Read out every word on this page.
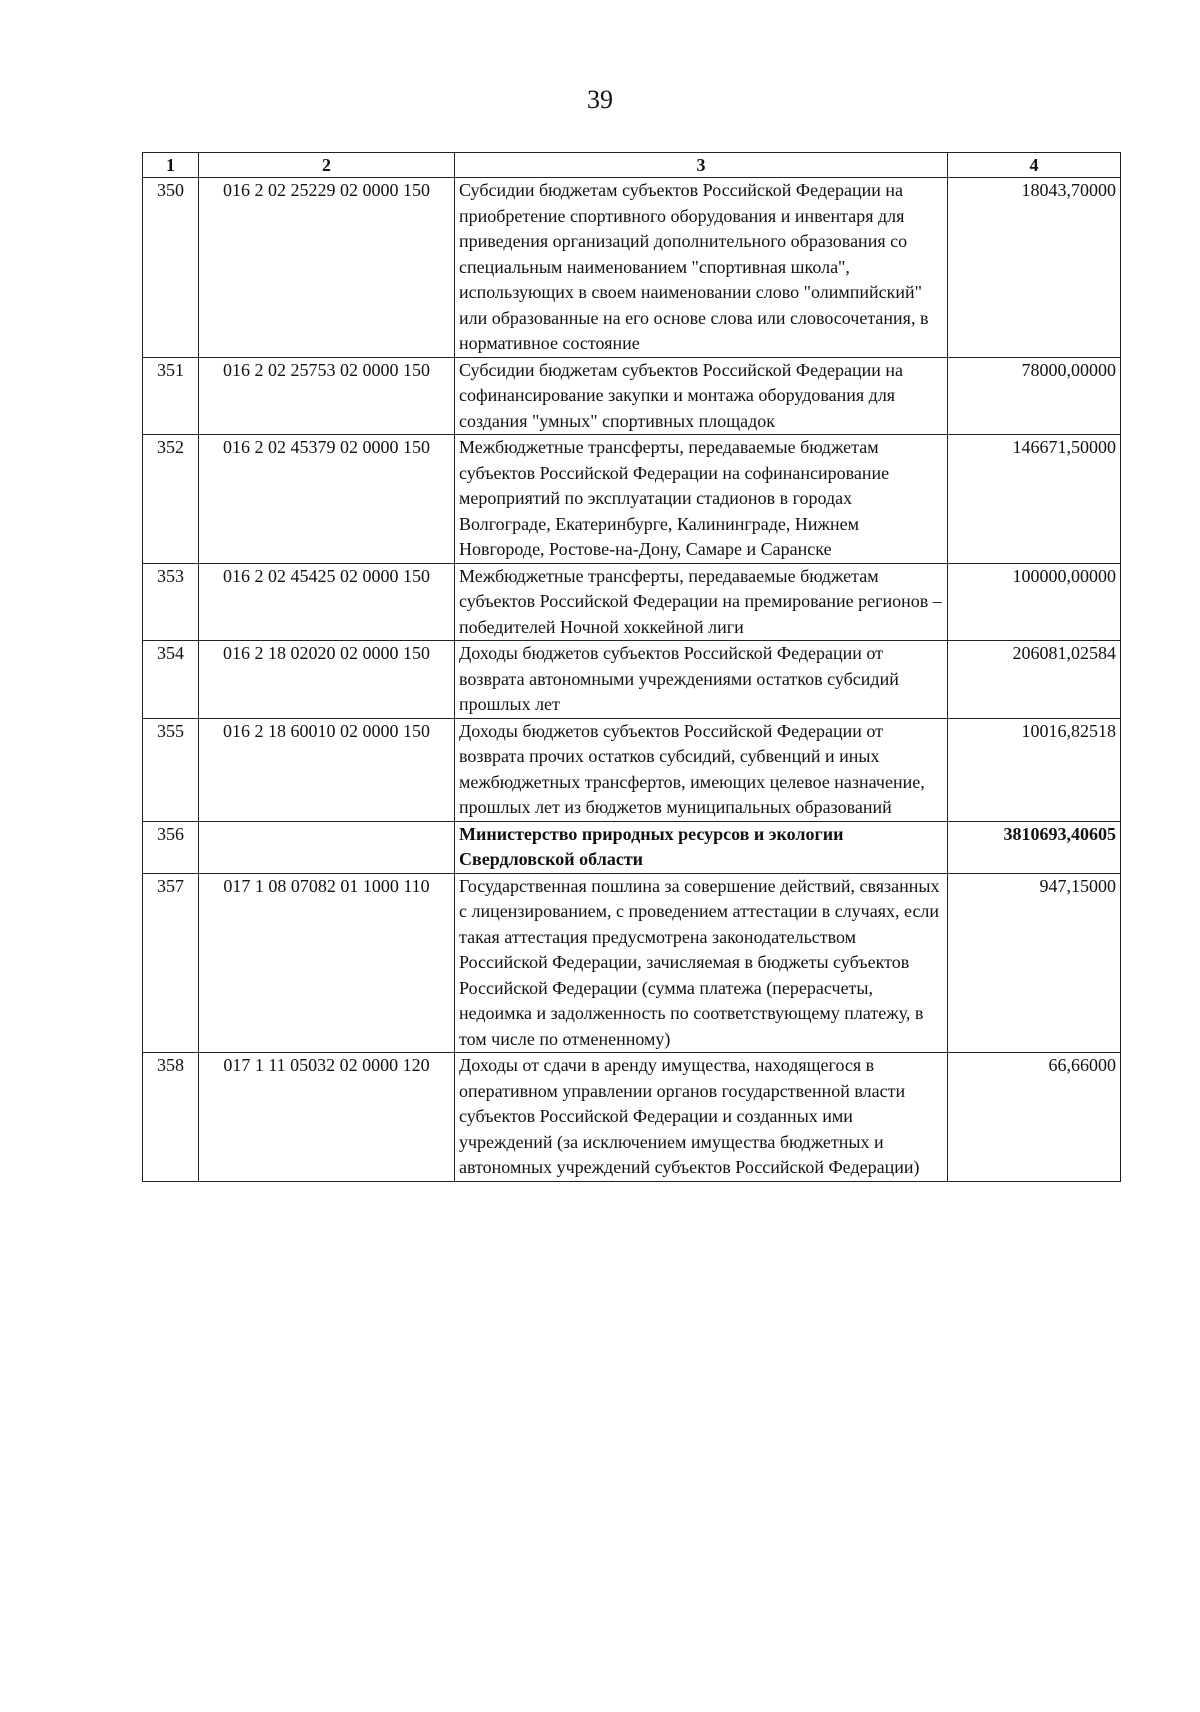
39
1	2	3	4
350	016 2 02 25229 02 0000 150	Субсидии бюджетам субъектов Российской Федерации на приобретение спортивного оборудования и инвентаря для приведения организаций дополнительного образования со специальным наименованием "спортивная школа", использующих в своем наименовании слово "олимпийский" или образованные на его основе слова или словосочетания, в нормативное состояние	18043,70000
351	016 2 02 25753 02 0000 150	Субсидии бюджетам субъектов Российской Федерации на софинансирование закупки и монтажа оборудования для создания "умных" спортивных площадок	78000,00000
352	016 2 02 45379 02 0000 150	Межбюджетные трансферты, передаваемые бюджетам субъектов Российской Федерации на софинансирование мероприятий по эксплуатации стадионов в городах Волгограде, Екатеринбурге, Калининграде, Нижнем Новгороде, Ростове-на-Дону, Самаре и Саранске	146671,50000
353	016 2 02 45425 02 0000 150	Межбюджетные трансферты, передаваемые бюджетам субъектов Российской Федерации на премирование регионов – победителей Ночной хоккейной лиги	100000,00000
354	016 2 18 02020 02 0000 150	Доходы бюджетов субъектов Российской Федерации от возврата автономными учреждениями остатков субсидий прошлых лет	206081,02584
355	016 2 18 60010 02 0000 150	Доходы бюджетов субъектов Российской Федерации от возврата прочих остатков субсидий, субвенций и иных межбюджетных трансфертов, имеющих целевое назначение, прошлых лет из бюджетов муниципальных образований	10016,82518
356		Министерство природных ресурсов и экологии Свердловской области	3810693,40605
357	017 1 08 07082 01 1000 110	Государственная пошлина за совершение действий, связанных с лицензированием, с проведением аттестации в случаях, если такая аттестация предусмотрена законодательством Российской Федерации, зачисляемая в бюджеты субъектов Российской Федерации (сумма платежа (перерасчеты, недоимка и задолженность по соответствующему платежу, в том числе по отмененному)	947,15000
358	017 1 11 05032 02 0000 120	Доходы от сдачи в аренду имущества, находящегося в оперативном управлении органов государственной власти субъектов Российской Федерации и созданных ими учреждений (за исключением имущества бюджетных и автономных учреждений субъектов Российской Федерации)	66,66000
